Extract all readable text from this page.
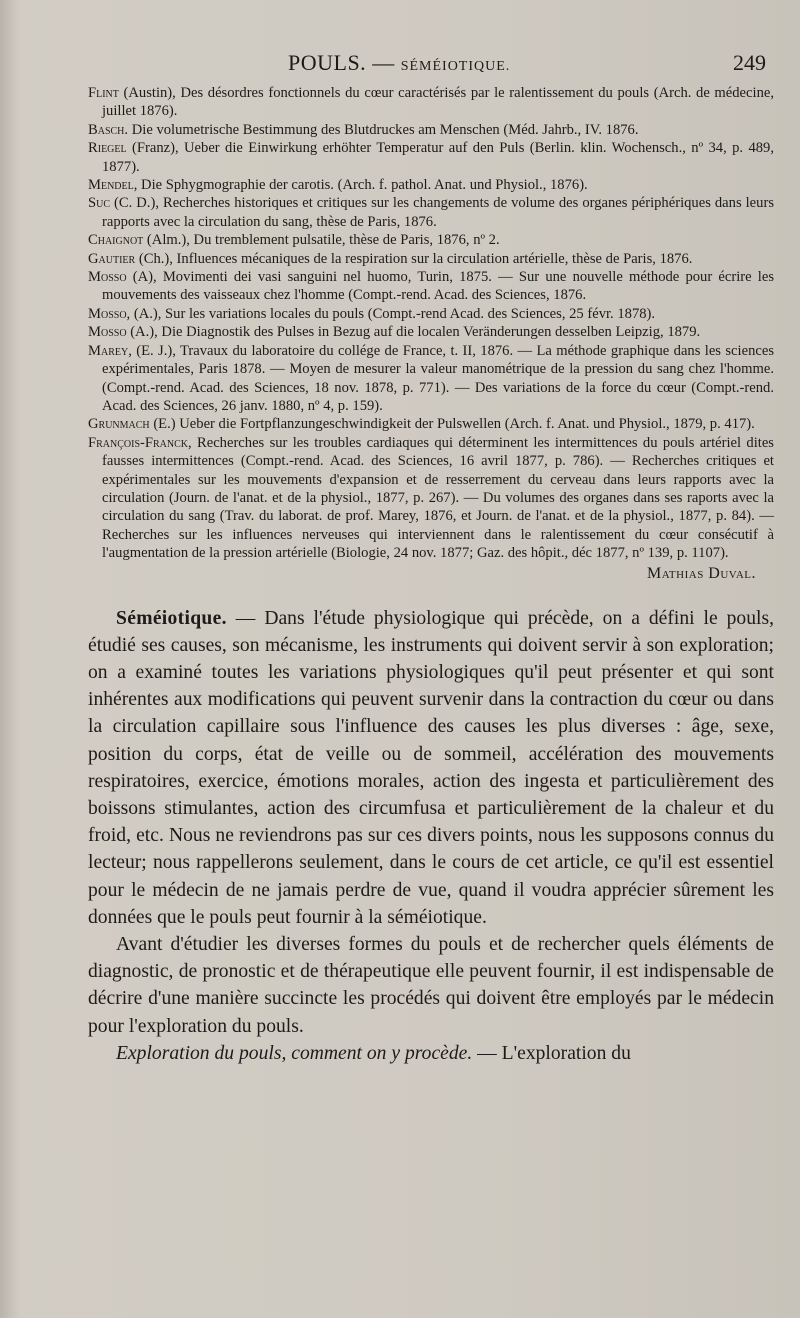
POULS. — SÉMÉIOTIQUE.	249

Flint (Austin), Des désordres fonctionnels du cœur caractérisés par le ralentissement du pouls (Arch. de médecine, juillet 1876).

Basch. Die volumetrische Bestimmung des Blutdruckes am Menschen (Méd. Jahrb., IV. 1876.

Riegel (Franz), Ueber die Einwirkung erhöhter Temperatur auf den Puls (Berlin. klin. Wochensch., nº 34, p. 489, 1877).

Mendel, Die Sphygmographie der carotis. (Arch. f. pathol. Anat. und Physiol., 1876).

Suc (C. D.), Recherches historiques et critiques sur les changements de volume des organes périphériques dans leurs rapports avec la circulation du sang, thèse de Paris, 1876.

Chaignot (Alm.), Du tremblement pulsatile, thèse de Paris, 1876, nº 2.

Gautier (Ch.), Influences mécaniques de la respiration sur la circulation artérielle, thèse de Paris, 1876.

Mosso (A), Movimenti dei vasi sanguini nel huomo, Turin, 1875. — Sur une nouvelle méthode pour écrire les mouvements des vaisseaux chez l'homme (Compt.-rend. Acad. des Sciences, 1876.

Mosso, (A.), Sur les variations locales du pouls (Compt.-rend Acad. des Sciences, 25 févr. 1878).

Mosso (A.), Die Diagnostik des Pulses in Bezug auf die localen Veränderungen desselben Leipzig, 1879.

Marey, (E. J.), Travaux du laboratoire du collége de France, t. II, 1876. — La méthode graphique dans les sciences expérimentales, Paris 1878. — Moyen de mesurer la valeur manométrique de la pression du sang chez l'homme. (Compt.-rend. Acad. des Sciences, 18 nov. 1878, p. 771). — Des variations de la force du cœur (Compt.-rend. Acad. des Sciences, 26 janv. 1880, nº 4, p. 159).

Grunmach (E.) Ueber die Fortpflanzungeschwindigkeit der Pulswellen (Arch. f. Anat. und Physiol., 1879, p. 417).

François-Franck, Recherches sur les troubles cardiaques qui déterminent les intermittences du pouls artériel dites fausses intermittences (Compt.-rend. Acad. des Sciences, 16 avril 1877, p. 786). — Recherches critiques et expérimentales sur les mouvements d'expansion et de resserrement du cerveau dans leurs rapports avec la circulation (Journ. de l'anat. et de la physiol., 1877, p. 267). — Du volumes des organes dans ses raports avec la circulation du sang (Trav. du laborat. de prof. Marey, 1876, et Journ. de l'anat. et de la physiol., 1877, p. 84). — Recherches sur les influences nerveuses qui interviennent dans le ralentissement du cœur consécutif à l'augmentation de la pression artérielle (Biologie, 24 nov. 1877; Gaz. des hôpit., déc 1877, nº 139, p. 1107).

Mathias Duval.

Séméiotique. — Dans l'étude physiologique qui précède, on a défini le pouls, étudié ses causes, son mécanisme, les instruments qui doivent servir à son exploration; on a examiné toutes les variations physiologiques qu'il peut présenter et qui sont inhérentes aux modifications qui peuvent survenir dans la contraction du cœur ou dans la circulation capillaire sous l'influence des causes les plus diverses : âge, sexe, position du corps, état de veille ou de sommeil, accélération des mouvements respiratoires, exercice, émotions morales, action des ingesta et particulièrement des boissons stimulantes, action des circumfusa et particulièrement de la chaleur et du froid, etc. Nous ne reviendrons pas sur ces divers points, nous les supposons connus du lecteur; nous rappellerons seulement, dans le cours de cet article, ce qu'il est essentiel pour le médecin de ne jamais perdre de vue, quand il voudra apprécier sûrement les données que le pouls peut fournir à la séméiotique.

Avant d'étudier les diverses formes du pouls et de rechercher quels éléments de diagnostic, de pronostic et de thérapeutique elle peuvent fournir, il est indispensable de décrire d'une manière succincte les procédés qui doivent être employés par le médecin pour l'exploration du pouls.

Exploration du pouls, comment on y procède. — L'exploration du
